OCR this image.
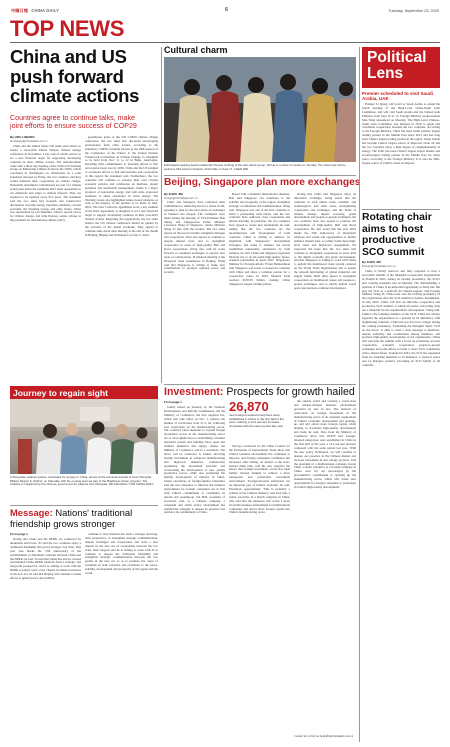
中國日報 CHINA DAILY	6	Tuesday, September 23, 2025
TOP NEWS
China and US
push forward
climate actions
Countries agree to continue talks, make
joint efforts to ensure success of COP29
By HOU LIQIANG
houliqiang@chinadaily.com.cn

China and the United States will make joint efforts to ensure a successful United Nations climate change conference in November, a key task of which will be to set a new financial target for supporting developing countries in their climate actions. The announcement came after a three-day meeting of the China-US Working Group on Enhancing Climate Action in the 2020s, which concluded in Washington on Wednesday. In a joint statement released on Friday, the two countries said they would maintain their cooperation on climate change. Nationally determined contributions are part of a climate action plan under the landmark 2015 Paris Agreement to cut emissions and adapt to climate impacts. They are required to be updated every five years. The statement said the two sides had in-depth and constructive discussions covering energy transition, methane, circular economy, the Working Group, and other issues. China was represented by Liu Zhenmin, China's special envoy for climate change, and John Podesta, senior adviser to the president for international climate policy.

greenhouse gases at the UN COP29 climate change conference, the two sides also discussed encouraging participation from other parties, according to the statement. COP29, formally known as the 29th session of the Conference of the Parties to the United Nations Framework Convention on Climate Change, is scheduled to be held from Nov 11 to 22 in Baku, Azerbaijan. Recalling their commitments to fostering efforts to halt and reverse forest loss by 2030, China and the US pledged to accelerate efforts to halt deforestation and cooperation in this regard, the statement said. Furthermore, the two countries will continue to advance their own circular economy policies and collaborate on methane, plastic pollution and sustainable management. China is a major producer of renewable energy, and both sides expressed readiness to share experience in clean energy. The Working Group also highlighted nature-based solutions, as well as the urgency of the updates to be made by mid-2025. The New Collective Quantified Goal, a key element of the Paris Agreement, is designed to set a new financial target to support developing countries in their post-2025 climate actions. Regarding the negotiations, the two sides believe the UN climate conference should be guided by the outcome of the global stocktake. They agreed to continue talks about their meeting at the end of the month in Beijing, Beijing and Washington on Sept 5, 2024.

Journey to regain sight
A Mongolian cataract patient, scheduled for surgery in China, arrives at the General Hospital of Inner Mongolia Military Region in Hohhot, on Saturday, with the nursing team as part of the Brightness Action program. The initiative is organized by the Chinese government for patients from Mongolia. FEI MAOHUA / FOR CHINA DAILY
Message: Nations' traditional friendship grows stronger
From page 1

Noting that China and the DPRK are connected by mountains and rivers, Xi said the two countries enjoy a traditional friendship that grows stronger over time. This year also marks the 75th anniversary of the establishment of diplomatic relations between China and the DPRK, he said. Xi said that China has always viewed and handled China-DPRK relations from a strategic and long-term perspective, and it is willing to work with the DPRK to jointly write a new chapter in bilateral relations in the new era. Xi said that Beijing will continue to make efforts to uphold peace and stability.

continue to view bilateral ties from a strategic and long-term perspective, to strengthen strategic communication, deepen exchanges and cooperation, and write a new chapter in the new era of cooperation between the two sides. Kim Jong-un said he is willing to work with Xi to continue to deepen the traditional friendship and strengthen strategic communication between the two parties in the new era so as to promote the cause of socialism in both countries and contribute to the peace, stability, development and prosperity of the region and the world.

Cultural charm
Enthusiasts wearing Austin traditional Chinese clothing of the Han ethnic group, Jiuhua or a show in London on Sunday. The show was held to welcome Mid-Autumn Festival, which falls on Sept 17. CHEN WEI
Beijing, Singapore plan more exchanges
By ZHOU JIN
zhoujin@chinadaily.com.cn

China and Singapore have reiterated their commitment to enhancing ties for a stable world, agreeing to plan for the next phase of exchanges as bilateral ties deepen. The comments were made during the meeting of Vice-President Han Zheng and Singaporean Prime Minister Lawrence Wong in Singapore. Senior Minister Wang Yi met with the leaders. The two sides agreed on the need to further strengthen dialogue and cooperation. They also agreed to continue to deepen mutual trust, and to strengthen cooperation in areas of high-quality Belt and Road cooperation. Wong also said he looks forward to continued exchanges to explore new areas of collaboration. In bilateral meeting at the Diaoyutai State Guesthouse in Beijing, Wang said that Singapore is willing to make new contributions to promote regional peace and security.

Based with a turbulent international situation, Han said Singapore can contribute to the stability and prosperity of the region, strengthen strategic coordination and communication, Wang said. Singapore was one of the first countries to build a partnership with China, and the two countries have achieved close cooperation and mutual learning. In particular, the two countries have agreed to create new momentum, he said, adding that the two countries are the modernization and development of both countries. China is willing to enhance its alignment with Singapore's development strategies, and seeks to enhance the newly established partnership envisioned by both partners, he said. China and Singapore upgraded bilateral ties to an all-round high-quality future-oriented partnership in April 2023. Singapore's Minister for Foreign Affairs Vivian Balakrishnan said Singapore was ready to deepen its relations with China and share a common partner for a cooperative cause. In 2023, bilateral trade reached $108.39 billion, making China Singapore's largest trading partner.

Noting that China and Singapore enjoy an innovative exchange, Wong stated that the countries in each other's trade, scientific and technological, and other areas, strengthening cooperation and exchanges, and the fields of climate change, digital economy, green development and people-to-people exchanges, the two countries have also agreed to promote the development of high-quality Belt and Road cooperation. He also noted that the year 2025 marks the 35th anniversary of diplomatic relations and would add opportunities to further enhance mutual trust, to jointly build more high-level visits and high-level engagement. He expressed the hope that the two sides will continue to strengthen cooperation in areas such as the digital economy and green development, and that Singapore is willing to work with China to uphold the multilateral trade system centered on the World Trade Organization and to ensure the smooth functioning of global industrial and supply chains. Both sides agreed to strengthen cooperation on multilateral issues and people-to-people exchanges, and to jointly uphold world peace and promote common development.

Investment: Prospects for growth hailed
From page 1

Jointly issued on Tuesday by the National Development and Reform Commission and the Ministry of Commerce, the new negative list, which will take effect on Nov 1, reduces the number of restrictions from 31 to 29, achieving zero restrictions on the manufacturing sector. The country's latest measures to expand foreign investment access in the manufacturing sector are of vital significance to establishing a modern industrial system and building more open and resilient industrial and supply chains, the Ministry of Commerce said in a statement. The move will be conducive to further attracting foreign investment in advanced manufacturing and high-tech industries, continuously optimizing the investment structure and accelerating the development of new quality productive forces, while also promoting the healthy development of industry in China. Senior executives of foreign-funded companies said the new measures to improve the business environment for foreign companies are in line with China's commitment to continuing its reform and opening-up. Ian Hall, president of Goodwill, said, as a Chinese company, a consistent and stable policy environment has enabled the company to deepen its presence and reinforce its commitment to China.

26,870
new foreign-invested enterprises were established in China in the first half of the year, marking a 14.2 percent increase compared with the same period last year

Surveys conducted by the China Council for the Promotion of International Trade show that China's business environment has continued to improve, and foreign companies' confidence has increased. Zhu Siliang, an analyst at the state-backed think tank, said the new negative list shows that foreign investment access has been further relaxed, helping to achieve a more transparent and predictable investment environment. 'Foreign-invested enterprises are an important part of China's economy,' he said. Enormous opportunities: 'This is probably a symbol of the Chinese industry,' said Kun Sun, a senior executive of a Dutch company in China, who said that the measures will create a more favorable business environment for multinational companies and attract more foreign capital into China's manufacturing sector.

the outside world and creating a world-class and market-oriented business environment governed by rule of law. The removal of restrictions on foreign investment in the manufacturing sector is an essential requirement of China's economic development and opening-up, and will attract more foreign capital, while helping to accelerate high-quality development and trade, he said. Data from the Ministry of Commerce show that 26,870 new foreign-invested enterprises were established in China in the first half of the year, a 14.2 percent increase compared with the same period last year. 'With the new policy facilitation, we will continue to deepen our presence in the Chinese market and increase investment in new energy projects,' said the president of a multinational company. Karen Chen, a senior executive at a foreign company in China, said 'we are encouraged by the government's commitment to opening up the manufacturing sector, which will create new opportunities for foreign companies to participate in China's high-quality development.'

Contact the writers at fanfeifei@chinadaily.com.cn
Political
Lens
Premier scheduled to visit Saudi Arabia, UAE

Premier Li Qiang will travel to Saudi Arabia to attend the fourth meeting of the High-Level China-Saudi Joint Committee, and will visit Saudi Arabia and the United Arab Emirates from Sept 10 to 13, Foreign Ministry spokeswoman Mao Ning announced on Monday. The High-Level Chinese-Saudi Joint Committee was initiated in 2016 to guide and coordinate cooperation between the two countries. According to the Foreign Ministry, China has been Saudi Arabia's largest trading partner in the Middle East since 2013 and has long been China's largest trading partner in the region. Saudi Arabia has become China's largest source of imported crude oil and the two countries enjoy a high degree of complementarity in energy. The UAE has been China's largest export market and second-largest trading partner in the Middle East for many years, according to the Foreign Ministry. It is also the fifth-largest source of China's crude oil imports.

Rotating chair
aims to host
productive
SCO summit
By ZHOU JIN
zhoujin@chinadaily.com.cn

China is firmly resolved and fully prepared to host a successful summit of the Shanghai Cooperation Organization in Tianjin in 2025, during its rotating presidency, the SCO's new rotating president said on Monday. The chairmanship, a position of China, is an important opportunity to bring into full play the SCO as a platform for mutual support, said Foreign Minister Wang Yi. China took over the rotating presidency of the organization after the SCO summit in Astana, Kazakhstan, in July 2024. 'China will host an amicable, cooperative and productive SCO summit, at which all parties will jointly map out a blueprint for the organization's development,' Wang said. China is the founding member of the SCO. China has always regarded the organization as a priority in its diplomacy with neighboring countries. China has put forward a slogan during the coming presidency, 'Upholding the Shanghai Spirit: SCO on the move'. It aims to send a clear message to members, deepen solidarity and coordination among members, and promote high-quality development of the organization. China will welcome the summit with a focus on promoting security cooperation, economic cooperation, people-to-people exchanges and joint efforts to build a closer SCO community with a shared future. Founded in 2001, the SCO has expanded from six founding members to 10 members, 2 observer states and 14 dialogue partners, becoming an SCO family of 26 countries.
